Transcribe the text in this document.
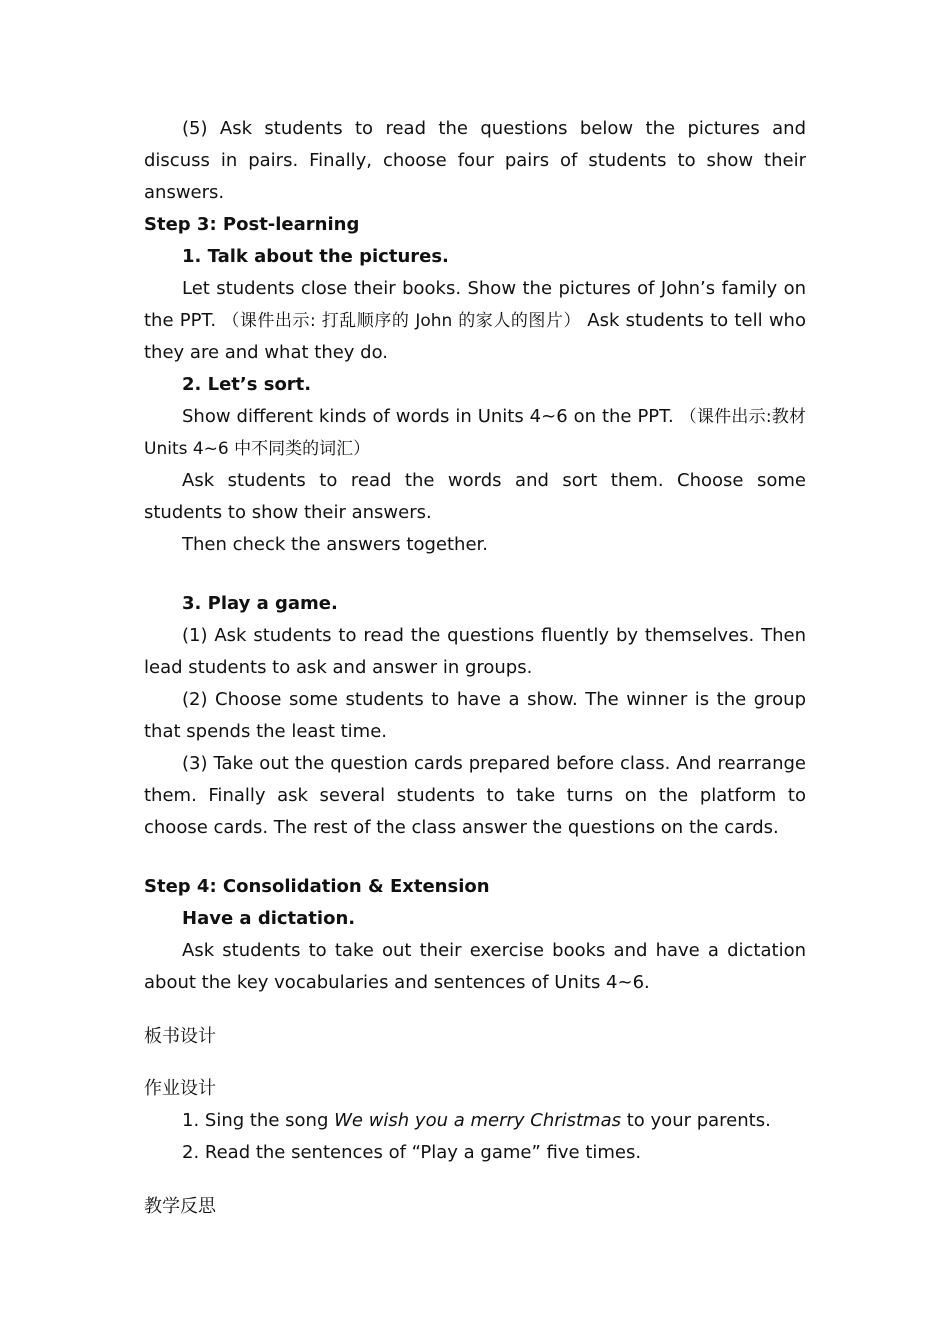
(5) Ask students to read the questions below the pictures and discuss in pairs. Finally, choose four pairs of students to show their answers.

Step 3: Post-learning

1. Talk about the pictures.

Let students close their books. Show the pictures of John’s family on the PPT. （课件出示: 打乱顺序的 John 的家人的图片） Ask students to tell who they are and what they do.

2. Let’s sort.

Show different kinds of words in Units 4~6 on the PPT. （课件出示:教材 Units 4~6 中不同类的词汇）

Ask students to read the words and sort them. Choose some students to show their answers.

Then check the answers together.

3. Play a game.

(1) Ask students to read the questions fluently by themselves. Then lead students to ask and answer in groups.

(2) Choose some students to have a show. The winner is the group that spends the least time.

(3) Take out the question cards prepared before class. And rearrange them. Finally ask several students to take turns on the platform to choose cards. The rest of the class answer the questions on the cards.

Step 4: Consolidation & Extension

Have a dictation.

Ask students to take out their exercise books and have a dictation about the key vocabularies and sentences of Units 4~6.

板书设计

作业设计

1. Sing the song We wish you a merry Christmas to your parents.

2. Read the sentences of “Play a game” five times.

教学反思
